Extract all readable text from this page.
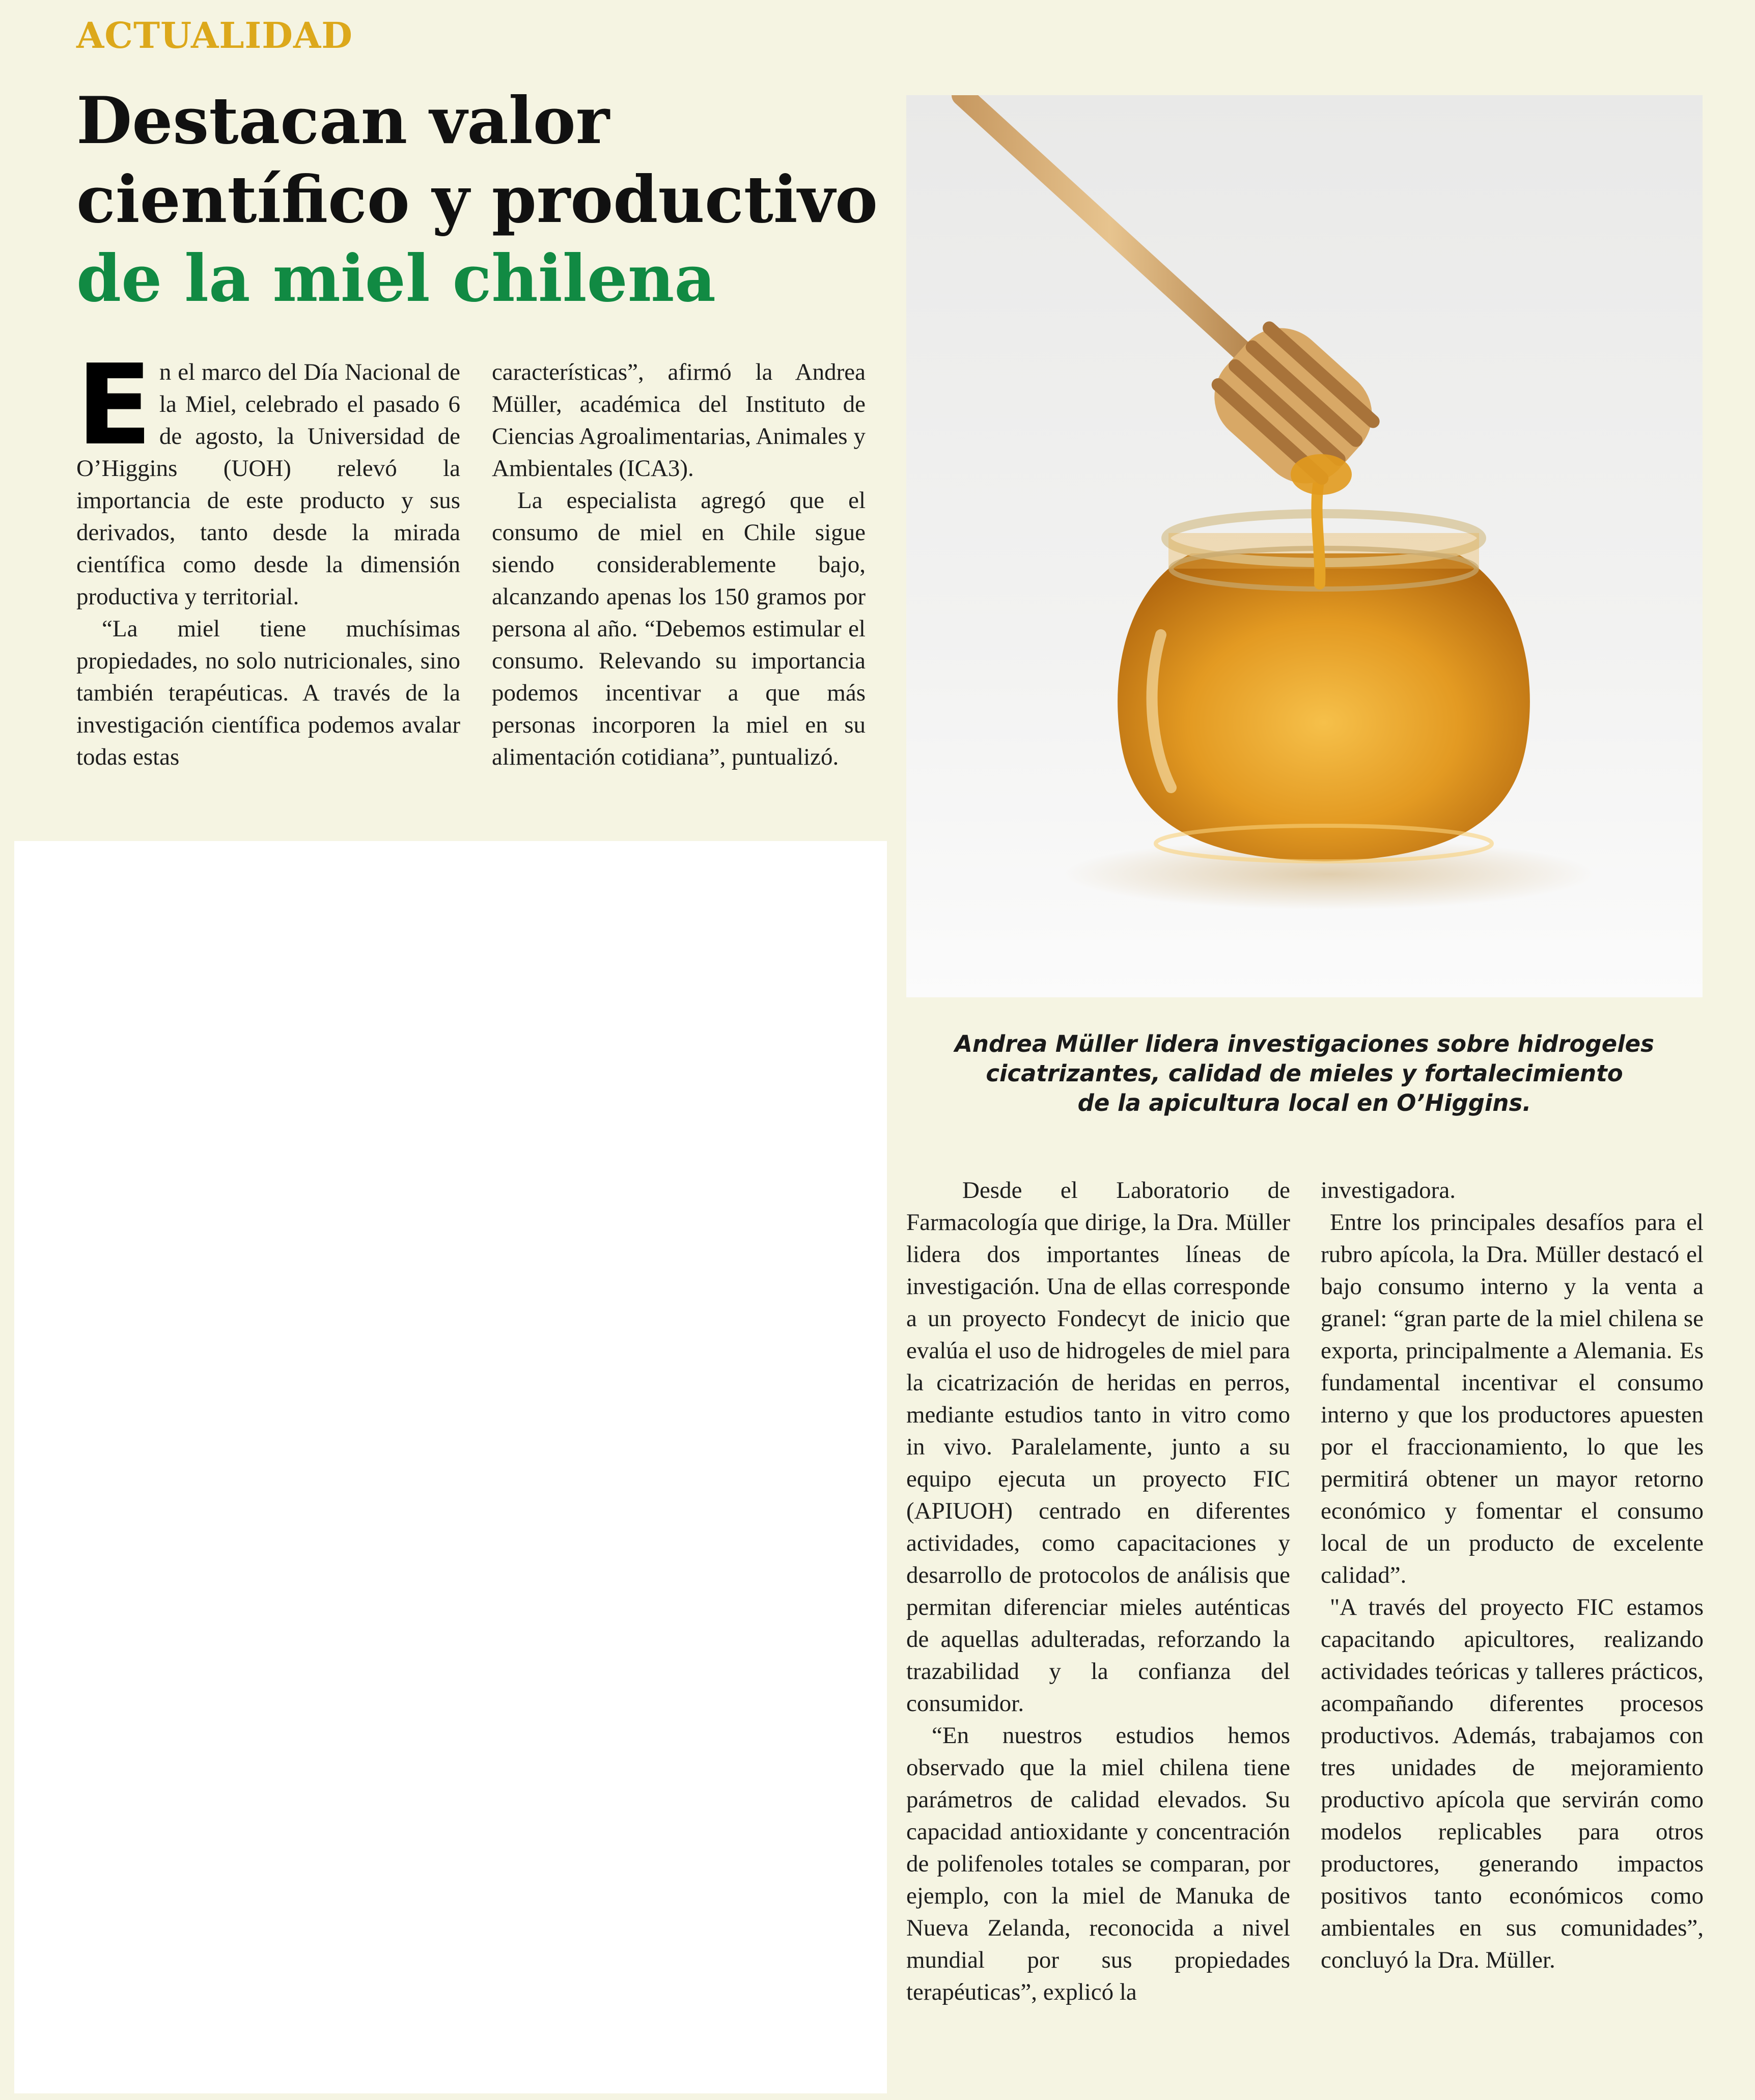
ACTUALIDAD
Destacan valor
científico y productivo
de la miel chilena
E n el marco del Día Nacional de la Miel, celebrado el pasado 6 de agosto, la Universidad de O’Higgins (UOH) relevó la importancia de este producto y sus derivados, tanto desde la mirada científica como desde la dimensión productiva y territorial.

“La miel tiene muchísimas propiedades, no solo nutricionales, sino también terapéuticas. A través de la investigación científica podemos avalar todas estas

características”, afirmó la Andrea Müller, académica del Instituto de Ciencias Agroalimentarias, Animales y Ambientales (ICA3).

La especialista agregó que el consumo de miel en Chile sigue siendo considerablemente bajo, alcanzando apenas los 150 gramos por persona al año. “Debemos estimular el consumo. Relevando su importancia podemos incentivar a que más personas incorporen la miel en su alimentación cotidiana”, puntualizó.

Andrea Müller lidera investigaciones sobre hidrogeles
cicatrizantes, calidad de mieles y fortalecimiento
de la apicultura local en O’Higgins.

Desde el Laboratorio de Farmacología que dirige, la Dra. Müller lidera dos importantes líneas de investigación. Una de ellas corresponde a un proyecto Fondecyt de inicio que evalúa el uso de hidrogeles de miel para la cicatrización de heridas en perros, mediante estudios tanto in vitro como in vivo. Paralelamente, junto a su equipo ejecuta un proyecto FIC (APIUOH) centrado en diferentes actividades, como capacitaciones y desarrollo de protocolos de análisis que permitan diferenciar mieles auténticas de aquellas adulteradas, reforzando la trazabilidad y la confianza del consumidor.

“En nuestros estudios hemos observado que la miel chilena tiene parámetros de calidad elevados. Su capacidad antioxidante y concentración de polifenoles totales se comparan, por ejemplo, con la miel de Manuka de Nueva Zelanda, reconocida a nivel mundial por sus propiedades terapéuticas”, explicó la

investigadora.

Entre los principales desafíos para el rubro apícola, la Dra. Müller destacó el bajo consumo interno y la venta a granel: “gran parte de la miel chilena se exporta, principalmente a Alemania. Es fundamental incentivar el consumo interno y que los productores apuesten por el fraccionamiento, lo que les permitirá obtener un mayor retorno económico y fomentar el consumo local de un producto de excelente calidad”.

"A través del proyecto FIC estamos capacitando apicultores, realizando actividades teóricas y talleres prácticos, acompañando diferentes procesos productivos. Además, trabajamos con tres unidades de mejoramiento productivo apícola que servirán como modelos replicables para otros productores, generando impactos positivos tanto económicos como ambientales en sus comunidades”, concluyó la Dra. Müller.
